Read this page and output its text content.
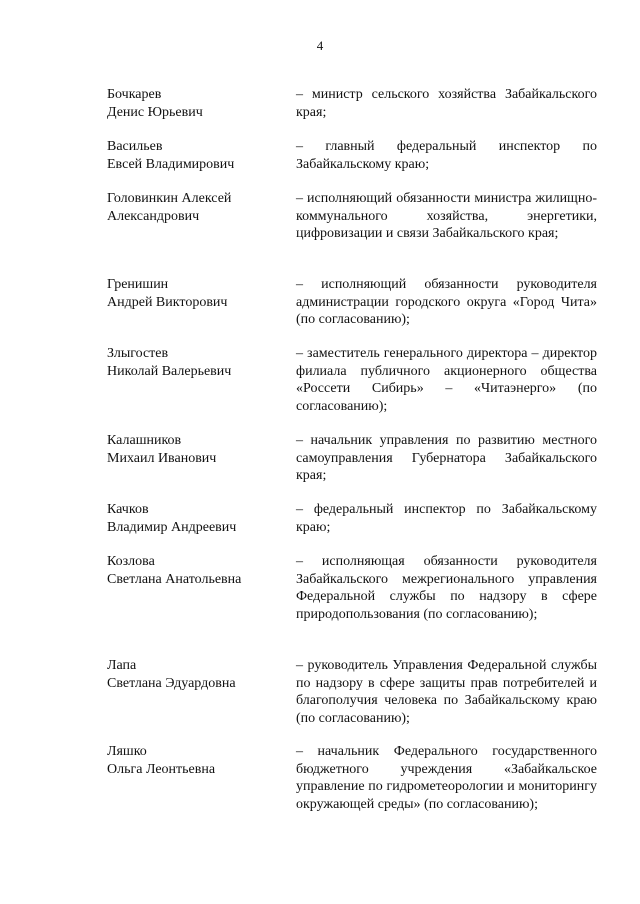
4
Бочкарев
Денис Юрьевич
– министр сельского хозяйства Забайкальского края;
Васильев
Евсей Владимирович
– главный федеральный инспектор по Забайкальскому краю;
Головинкин Алексей
Александрович
– исполняющий обязанности министра жилищно-коммунального хозяйства, энергетики, цифровизации и связи Забайкальского края;
Гренишин
Андрей Викторович
– исполняющий обязанности руководителя администрации городского округа «Город Чита» (по согласованию);
Злыгостев
Николай Валерьевич
– заместитель генерального директора – директор филиала публичного акционерного общества «Россети Сибирь» – «Читаэнерго» (по согласованию);
Калашников
Михаил Иванович
– начальник управления по развитию местного самоуправления Губернатора Забайкальского края;
Качков
Владимир Андреевич
– федеральный инспектор по Забайкальскому краю;
Козлова
Светлана Анатольевна
– исполняющая обязанности руководителя Забайкальского межрегионального управления Федеральной службы по надзору в сфере природопользования (по согласованию);
Лапа
Светлана Эдуардовна
– руководитель Управления Федеральной службы по надзору в сфере защиты прав потребителей и благополучия человека по Забайкальскому краю (по согласованию);
Ляшко
Ольга Леонтьевна
– начальник Федерального государственного бюджетного учреждения «Забайкальское управление по гидрометеорологии и мониторингу окружающей среды» (по согласованию);
